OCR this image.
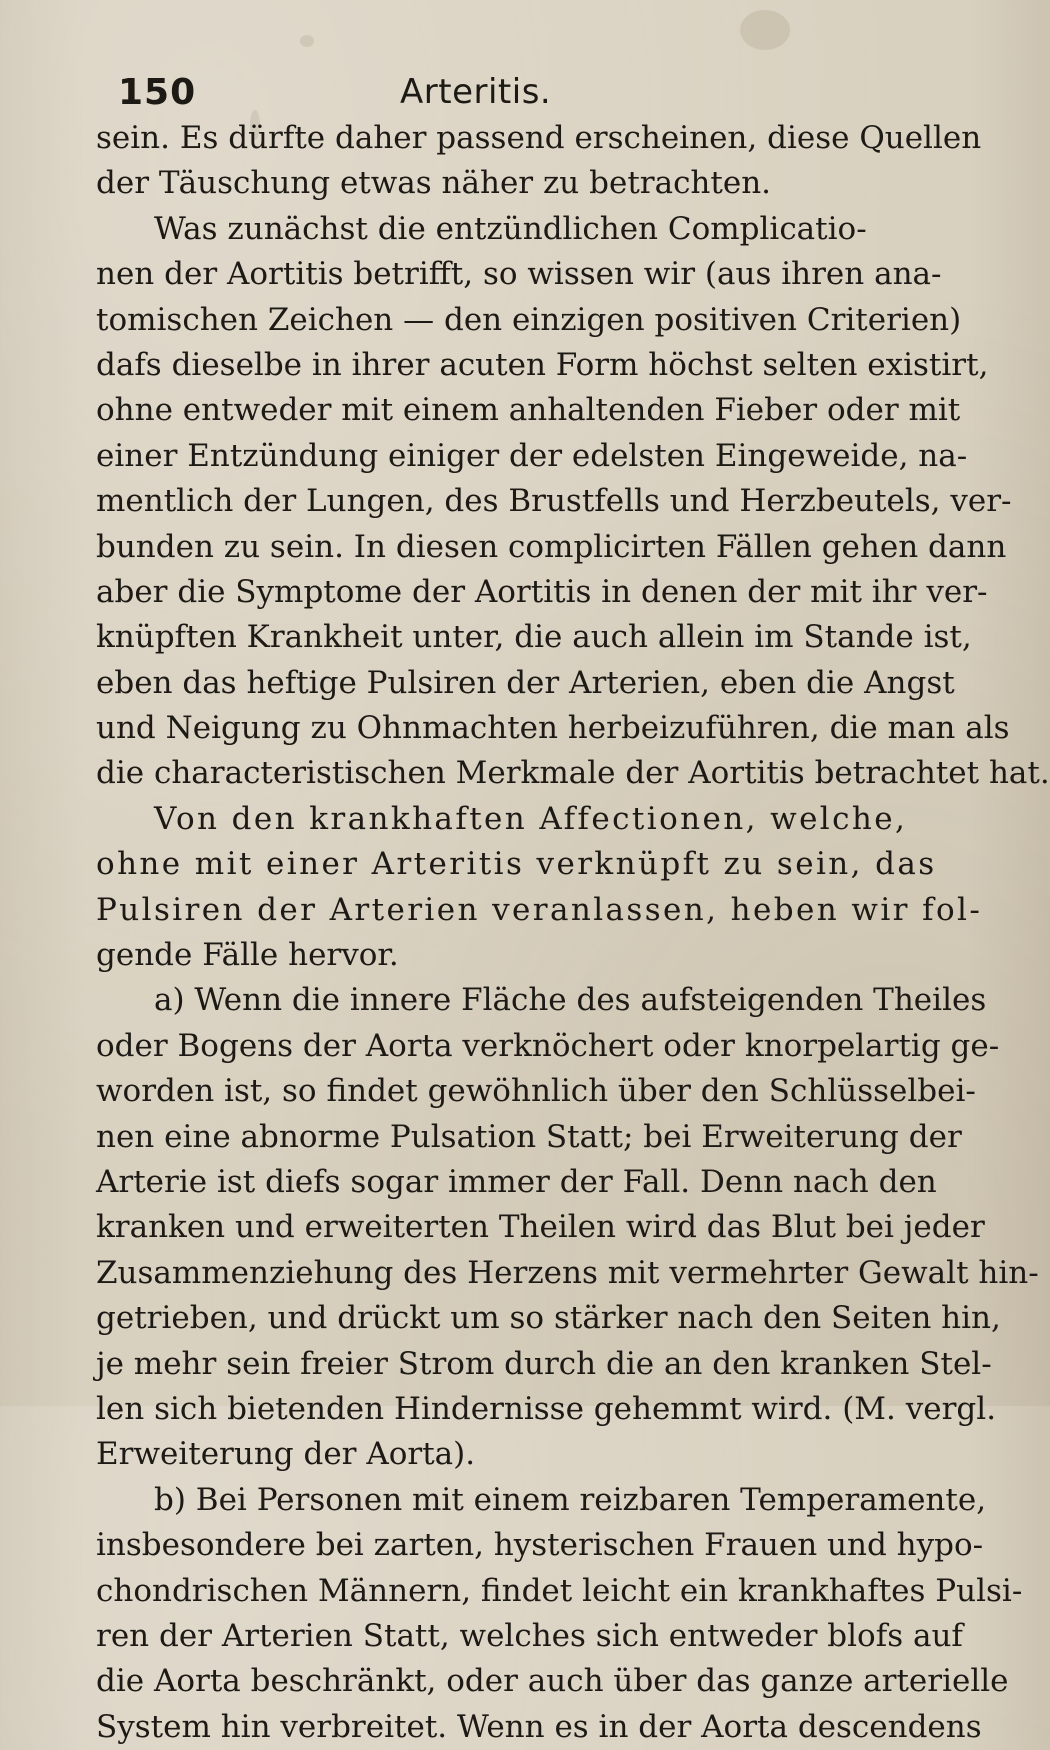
150	Arteritis.
sein. Es dürfte daher passend erscheinen, diese Quellen
der Täuschung etwas näher zu betrachten.
Was zunächst die entzündlichen Complicatio-
nen der Aortitis betrifft, so wissen wir (aus ihren ana-
tomischen Zeichen — den einzigen positiven Criterien)
dafs dieselbe in ihrer acuten Form höchst selten existirt,
ohne entweder mit einem anhaltenden Fieber oder mit
einer Entzündung einiger der edelsten Eingeweide, na-
mentlich der Lungen, des Brustfells und Herzbeutels, ver-
bunden zu sein. In diesen complicirten Fällen gehen dann
aber die Symptome der Aortitis in denen der mit ihr ver-
knüpften Krankheit unter, die auch allein im Stande ist,
eben das heftige Pulsiren der Arterien, eben die Angst
und Neigung zu Ohnmachten herbeizuführen, die man als
die characteristischen Merkmale der Aortitis betrachtet hat.
Von den krankhaften Affectionen, welche,
ohne mit einer Arteritis verknüpft zu sein, das
Pulsiren der Arterien veranlassen, heben wir fol-
gende Fälle hervor.
a) Wenn die innere Fläche des aufsteigenden Theiles
oder Bogens der Aorta verknöchert oder knorpelartig ge-
worden ist, so findet gewöhnlich über den Schlüsselbei-
nen eine abnorme Pulsation Statt; bei Erweiterung der
Arterie ist diefs sogar immer der Fall. Denn nach den
kranken und erweiterten Theilen wird das Blut bei jeder
Zusammenziehung des Herzens mit vermehrter Gewalt hin-
getrieben, und drückt um so stärker nach den Seiten hin,
je mehr sein freier Strom durch die an den kranken Stel-
len sich bietenden Hindernisse gehemmt wird. (M. vergl.
Erweiterung der Aorta).
b) Bei Personen mit einem reizbaren Temperamente,
insbesondere bei zarten, hysterischen Frauen und hypo-
chondrischen Männern, findet leicht ein krankhaftes Pulsi-
ren der Arterien Statt, welches sich entweder blofs auf
die Aorta beschränkt, oder auch über das ganze arterielle
System hin verbreitet. Wenn es in der Aorta descendens
